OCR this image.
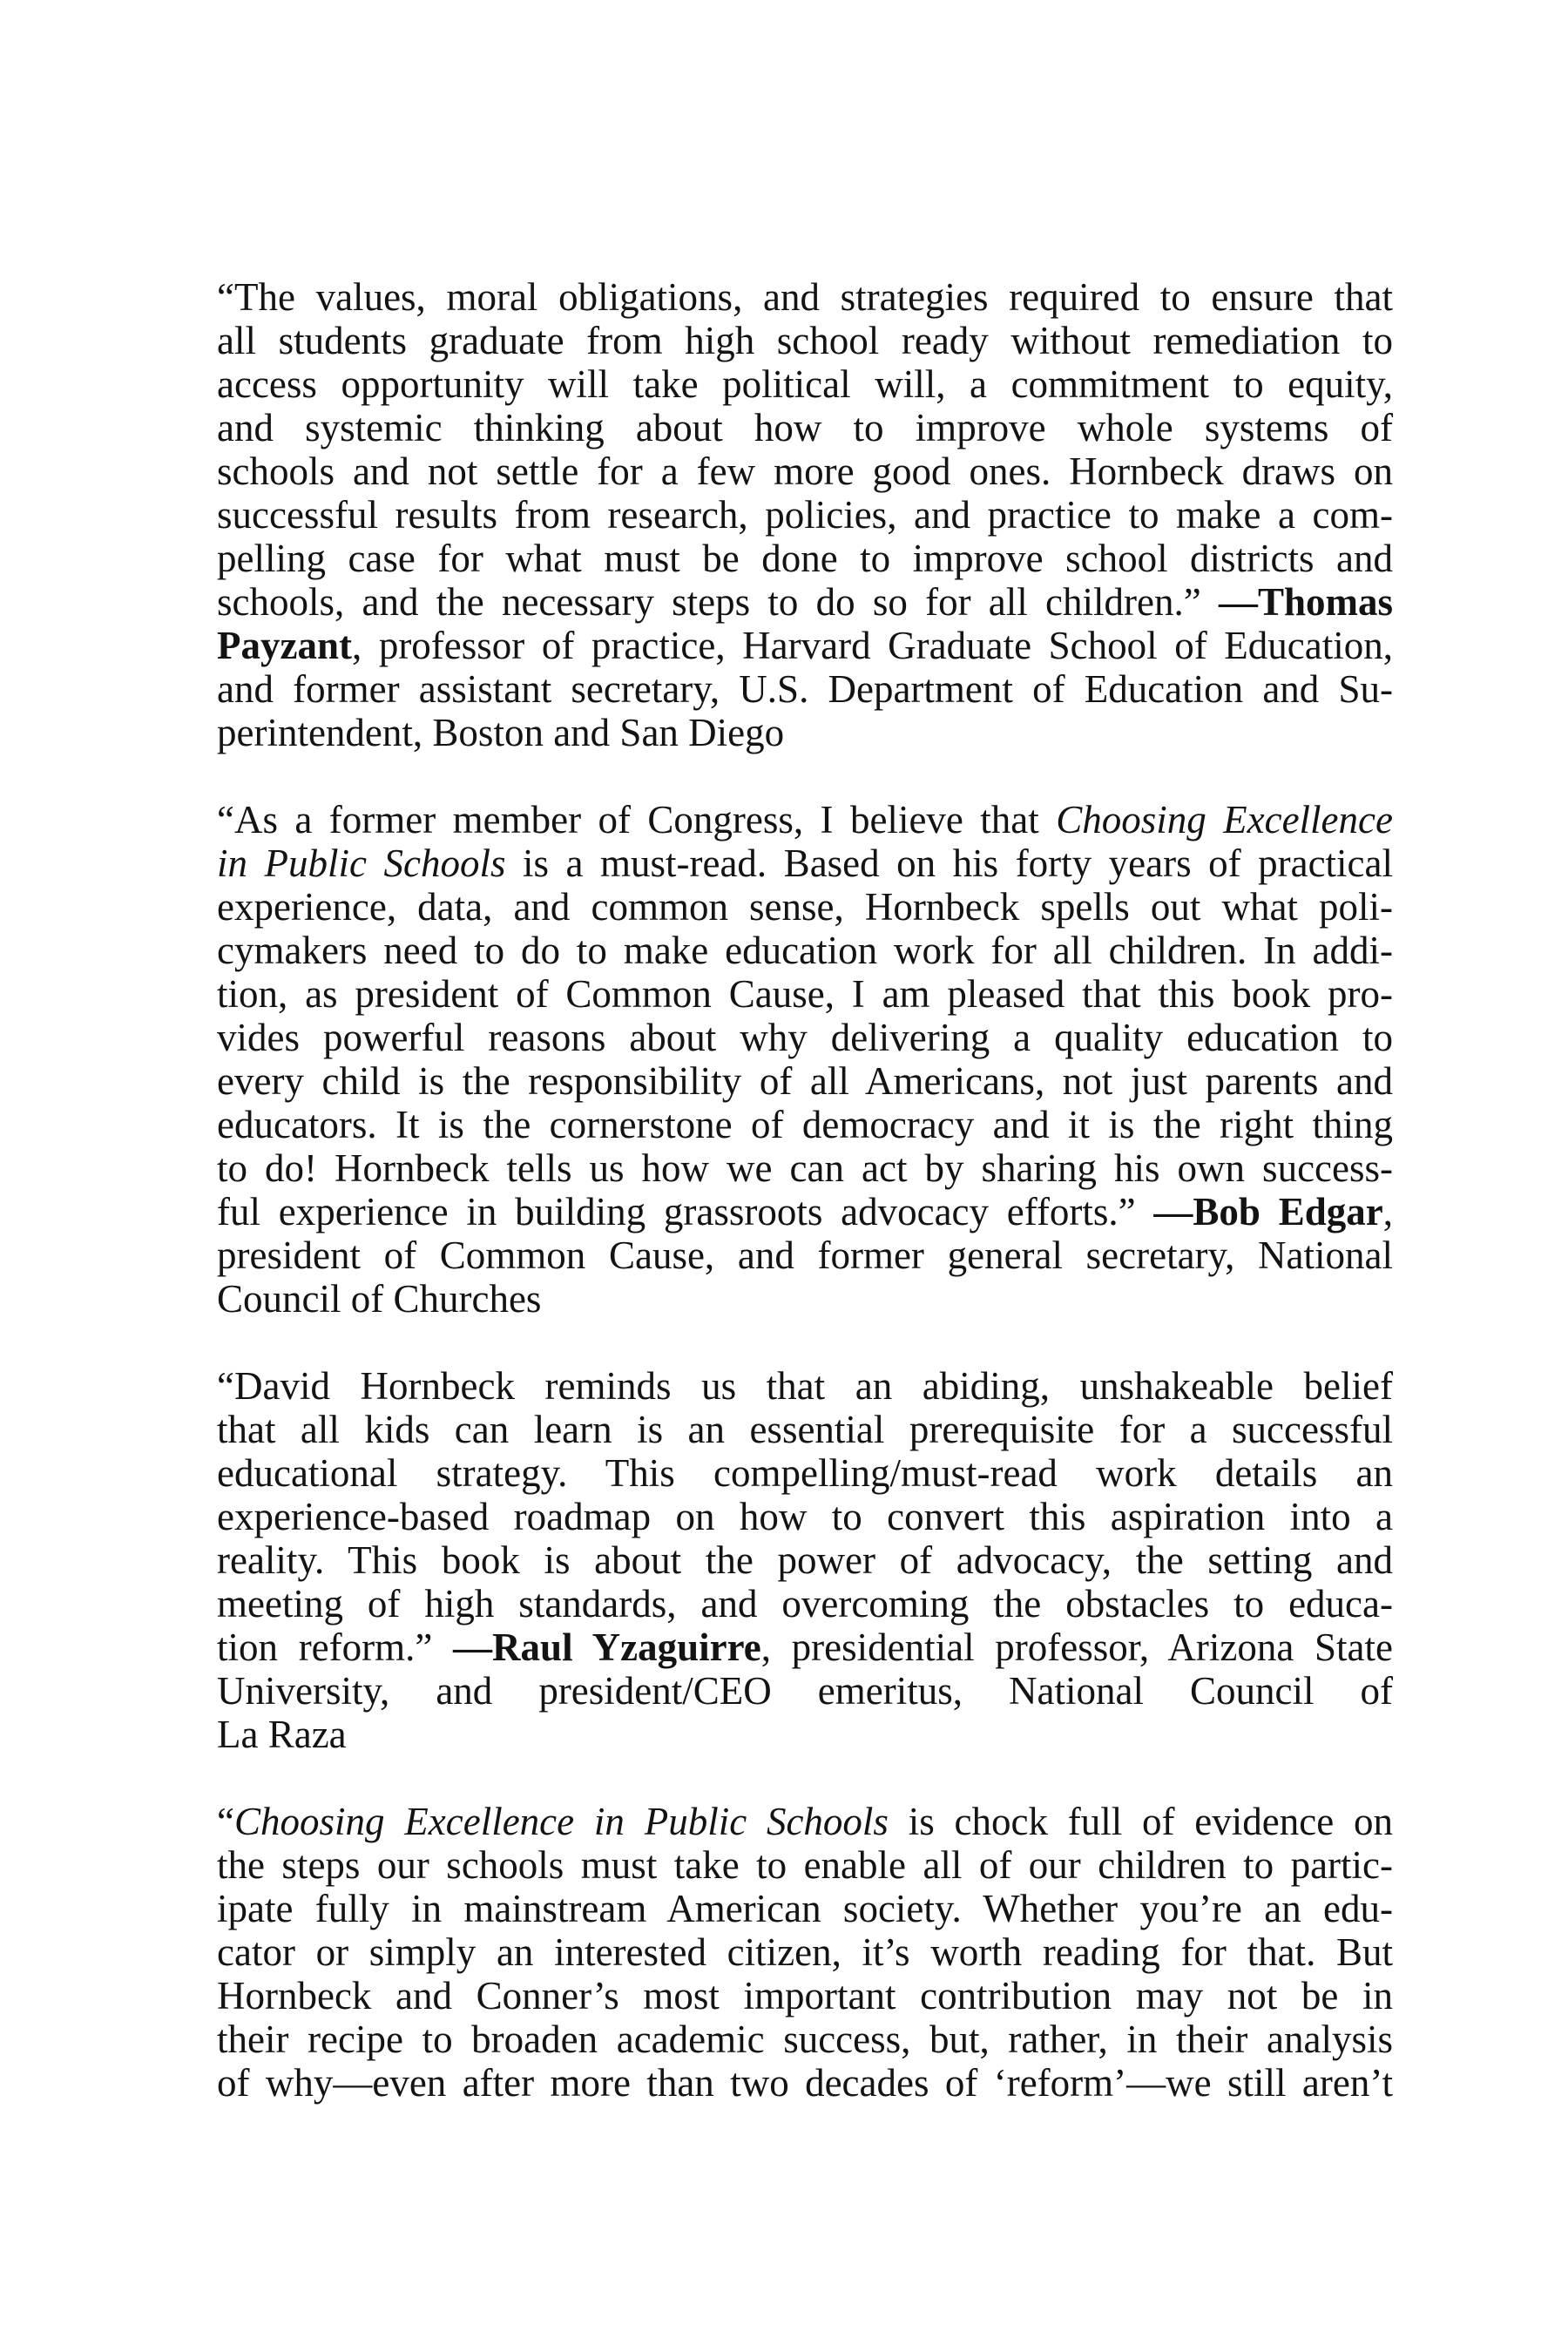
“The values, moral obligations, and strategies required to ensure that
all students graduate from high school ready without remediation to
access opportunity will take political will, a commitment to equity,
and systemic thinking about how to improve whole systems of
schools and not settle for a few more good ones. Hornbeck draws on
successful results from research, policies, and practice to make a com-
pelling case for what must be done to improve school districts and
schools, and the necessary steps to do so for all children.” —Thomas
Payzant, professor of practice, Harvard Graduate School of Education,
and former assistant secretary, U.S. Department of Education and Su-
perintendent, Boston and San Diego
“As a former member of Congress, I believe that Choosing Excellence
in Public Schools is a must-read. Based on his forty years of practical
experience, data, and common sense, Hornbeck spells out what poli-
cymakers need to do to make education work for all children. In addi-
tion, as president of Common Cause, I am pleased that this book pro-
vides powerful reasons about why delivering a quality education to
every child is the responsibility of all Americans, not just parents and
educators. It is the cornerstone of democracy and it is the right thing
to do! Hornbeck tells us how we can act by sharing his own success-
ful experience in building grassroots advocacy efforts.” —Bob Edgar,
president of Common Cause, and former general secretary, National
Council of Churches
“David Hornbeck reminds us that an abiding, unshakeable belief
that all kids can learn is an essential prerequisite for a successful
educational strategy. This compelling/must-read work details an
experience-based roadmap on how to convert this aspiration into a
reality. This book is about the power of advocacy, the setting and
meeting of high standards, and overcoming the obstacles to educa-
tion reform.” —Raul Yzaguirre, presidential professor, Arizona State
University, and president/CEO emeritus, National Council of
La Raza
“Choosing Excellence in Public Schools is chock full of evidence on
the steps our schools must take to enable all of our children to partic-
ipate fully in mainstream American society. Whether you’re an edu-
cator or simply an interested citizen, it’s worth reading for that. But
Hornbeck and Conner’s most important contribution may not be in
their recipe to broaden academic success, but, rather, in their analysis
of why—even after more than two decades of ‘reform’—we still aren’t
